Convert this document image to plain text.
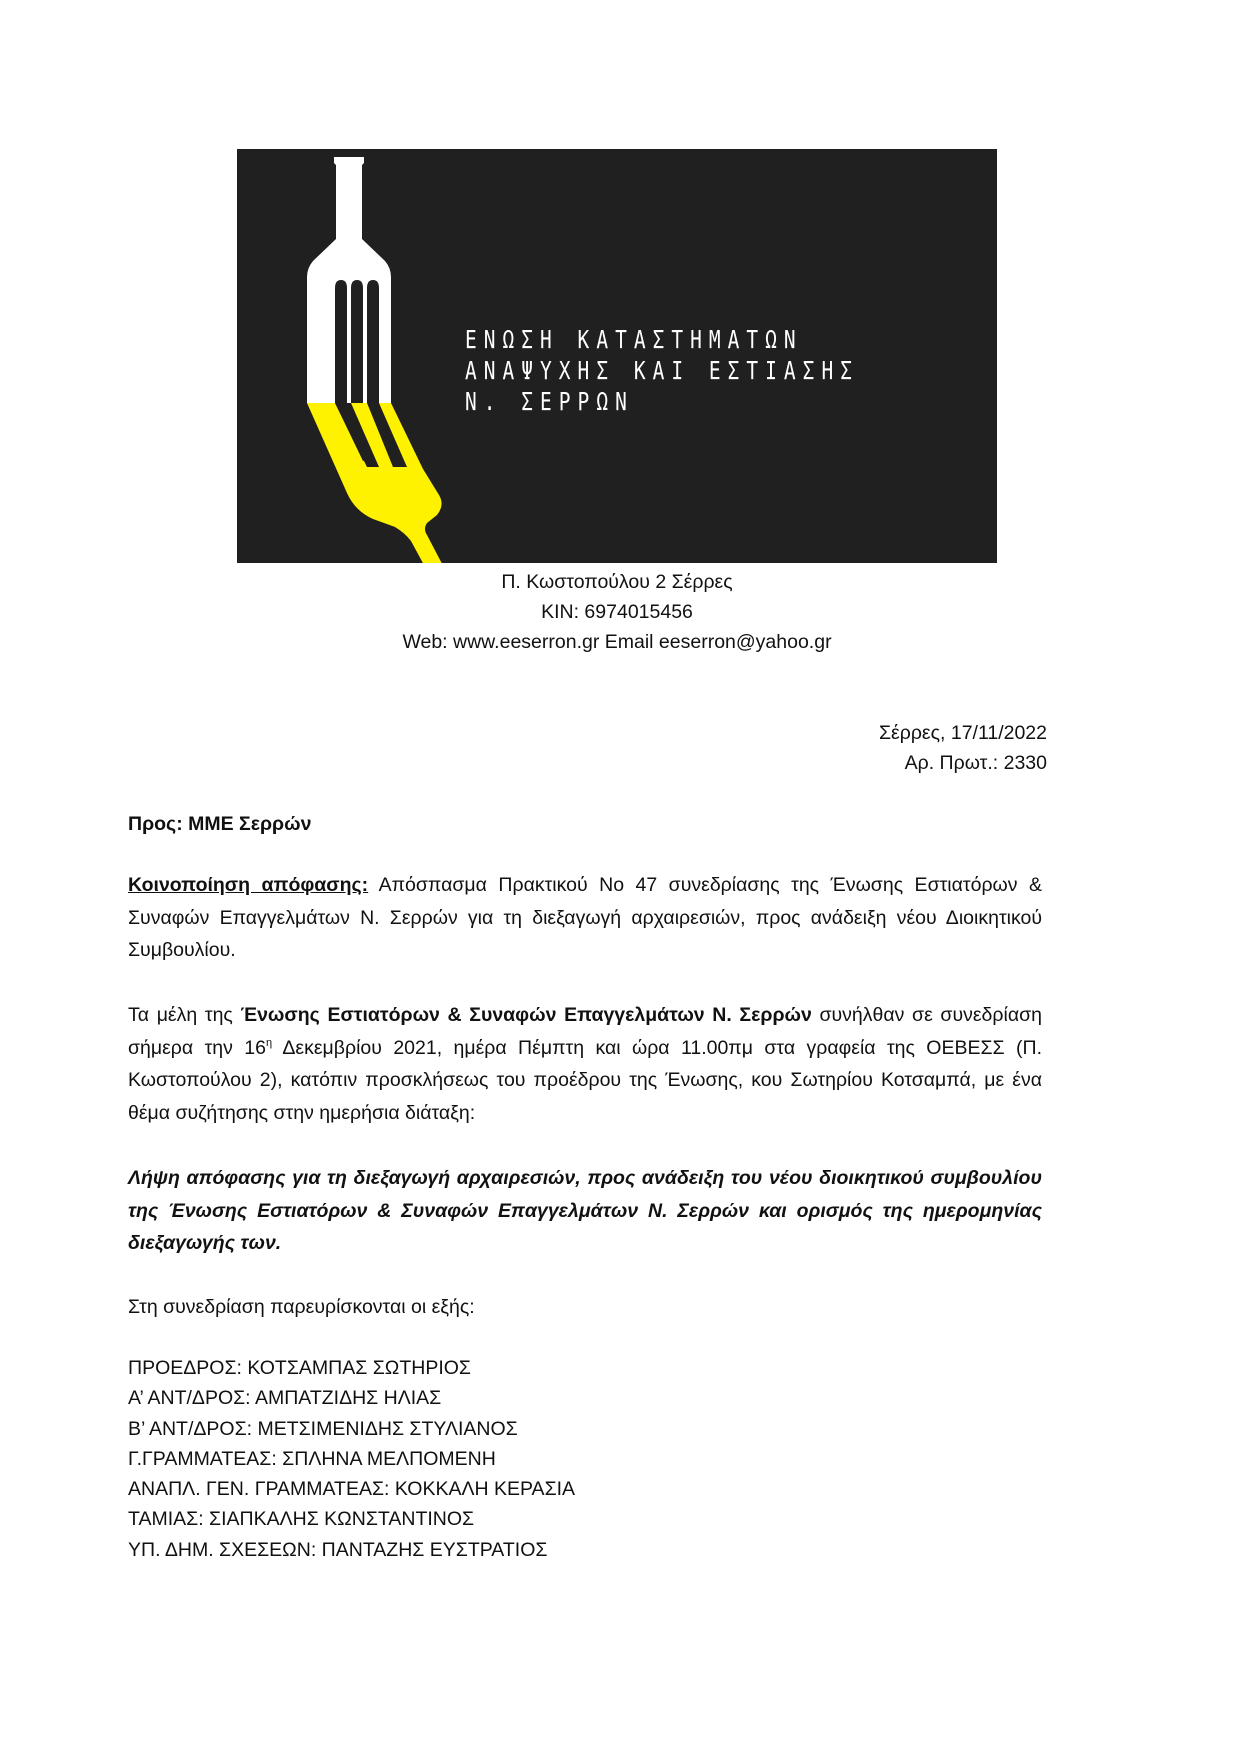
ΕΝΩΣΗ ΚΑΤΑΣΤΗΜΑΤΩΝ
ΑΝΑΨΥΧΗΣ ΚΑΙ ΕΣΤΙΑΣΗΣ
Ν. ΣΕΡΡΩΝ
Π. Κωστοπούλου 2 Σέρρες
ΚΙΝ: 6974015456
Web: www.eeserron.gr Email eeserron@yahoo.gr
Σέρρες, 17/11/2022
Αρ. Πρωτ.: 2330
Προς: ΜΜΕ Σερρών
Κοινοποίηση απόφασης: Απόσπασμα Πρακτικού Νο 47 συνεδρίασης της Ένωσης Εστιατόρων & Συναφών Επαγγελμάτων Ν. Σερρών για τη διεξαγωγή αρχαιρεσιών, προς ανάδειξη νέου Διοικητικού Συμβουλίου.
Τα μέλη της Ένωσης Εστιατόρων & Συναφών Επαγγελμάτων Ν. Σερρών συνήλθαν σε συνεδρίαση σήμερα την $16^\eta$ Δεκεμβρίου 2021, ημέρα Πέμπτη και ώρα 11.00πμ στα γραφεία της ΟΕΒΕΣΣ (Π. Κωστοπούλου 2), κατόπιν προσκλήσεως του προέδρου της Ένωσης, κου Σωτηρίου Κοτσαμπά, με ένα θέμα συζήτησης στην ημερήσια διάταξη:
Λήψη απόφασης για τη διεξαγωγή αρχαιρεσιών, προς ανάδειξη του νέου διοικητικού συμβουλίου της Ένωσης Εστιατόρων & Συναφών Επαγγελμάτων Ν. Σερρών και ορισμός της ημερομηνίας διεξαγωγής των.
Στη συνεδρίαση παρευρίσκονται οι εξής:
ΠΡΟΕΔΡΟΣ: ΚΟΤΣΑΜΠΑΣ ΣΩΤΗΡΙΟΣ
Α’ ΑΝΤ/ΔΡΟΣ: ΑΜΠΑΤΖΙΔΗΣ ΗΛΙΑΣ
Β’ ΑΝΤ/ΔΡΟΣ: ΜΕΤΣΙΜΕΝΙΔΗΣ ΣΤΥΛΙΑΝΟΣ
Γ.ΓΡΑΜΜΑΤΕΑΣ: ΣΠΛΗΝΑ ΜΕΛΠΟΜΕΝΗ
ΑΝΑΠΛ. ΓΕΝ. ΓΡΑΜΜΑΤΕΑΣ: ΚΟΚΚΑΛΗ ΚΕΡΑΣΙΑ
ΤΑΜΙΑΣ: ΣΙΑΠΚΑΛΗΣ ΚΩΝΣΤΑΝΤΙΝΟΣ
ΥΠ. ΔΗΜ. ΣΧΕΣΕΩΝ: ΠΑΝΤΑΖΗΣ ΕΥΣΤΡΑΤΙΟΣ
